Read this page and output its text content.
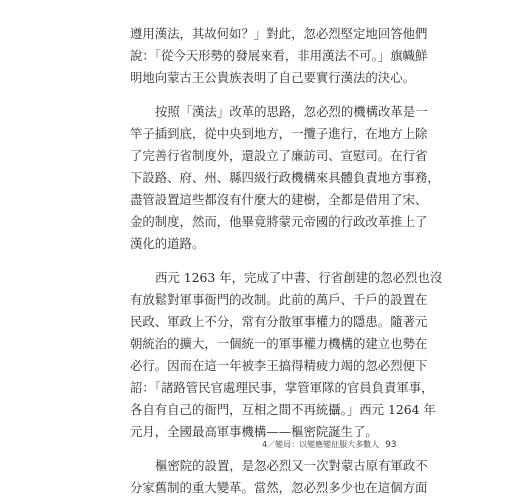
遵用漢法，其故何如？」對此，忽必烈堅定地回答他們
說：「從今天形勢的發展來看，非用漢法不可。」旗幟鮮
明地向蒙古王公貴族表明了自己要實行漢法的決心。
按照「漢法」改革的思路，忽必烈的機構改革是一
竿子插到底，從中央到地方，一攬子進行，在地方上除
了完善行省制度外，還設立了廉訪司、宣慰司。在行省
下設路、府、州、縣四級行政機構來具體負責地方事務，
盡管設置這些都沒有什麼大的建樹，全都是借用了宋、
金的制度，然而，他畢竟將蒙元帝國的行政改革推上了
漢化的道路。
西元 1263 年，完成了中書、行省創建的忽必烈也沒
有放鬆對軍事衙門的改制。此前的萬戶、千戶的設置在
民政、軍政上不分，常有分散軍事權力的隱患。隨著元
朝統治的擴大，一個統一的軍事權力機構的建立也勢在
必行。因而在這一年被李王搞得精疲力竭的忽必烈便下
詔：「諸路管民官處理民事，掌管軍隊的官員負責軍事，
各自有自己的衙門，互相之間不再統攝。」西元 1264 年
元月，全國最高軍事機構——樞密院誕生了。
樞密院的設置，是忽必烈又一次對蒙古原有軍政不
分家舊制的重大變革。當然，忽必烈多少也在這個方面
4／變局：以變應變征服大多數人 93
